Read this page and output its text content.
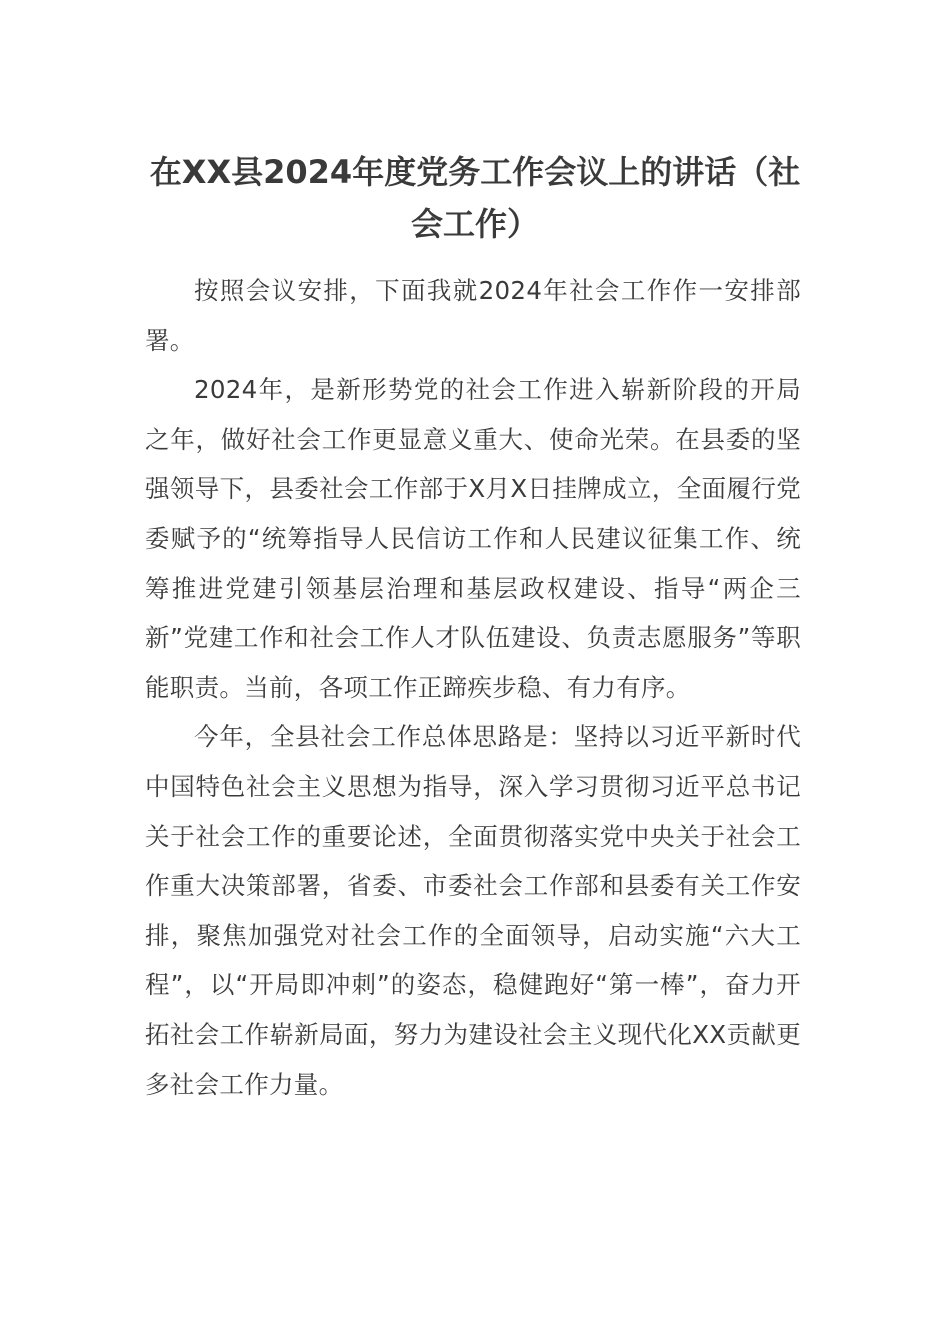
在XX县2024年度党务工作会议上的讲话（社会工作）

按照会议安排，下面我就2024年社会工作作一安排部署。

2024年，是新形势党的社会工作进入崭新阶段的开局之年，做好社会工作更显意义重大、使命光荣。在县委的坚强领导下，县委社会工作部于X月X日挂牌成立，全面履行党委赋予的“统筹指导人民信访工作和人民建议征集工作、统筹推进党建引领基层治理和基层政权建设、指导“两企三新”党建工作和社会工作人才队伍建设、负责志愿服务”等职能职责。当前，各项工作正蹄疾步稳、有力有序。

今年，全县社会工作总体思路是：坚持以习近平新时代中国特色社会主义思想为指导，深入学习贯彻习近平总书记关于社会工作的重要论述，全面贯彻落实党中央关于社会工作重大决策部署，省委、市委社会工作部和县委有关工作安排，聚焦加强党对社会工作的全面领导，启动实施“六大工程”，以“开局即冲刺”的姿态，稳健跑好“第一棒”，奋力开拓社会工作崭新局面，努力为建设社会主义现代化XX贡献更多社会工作力量。
